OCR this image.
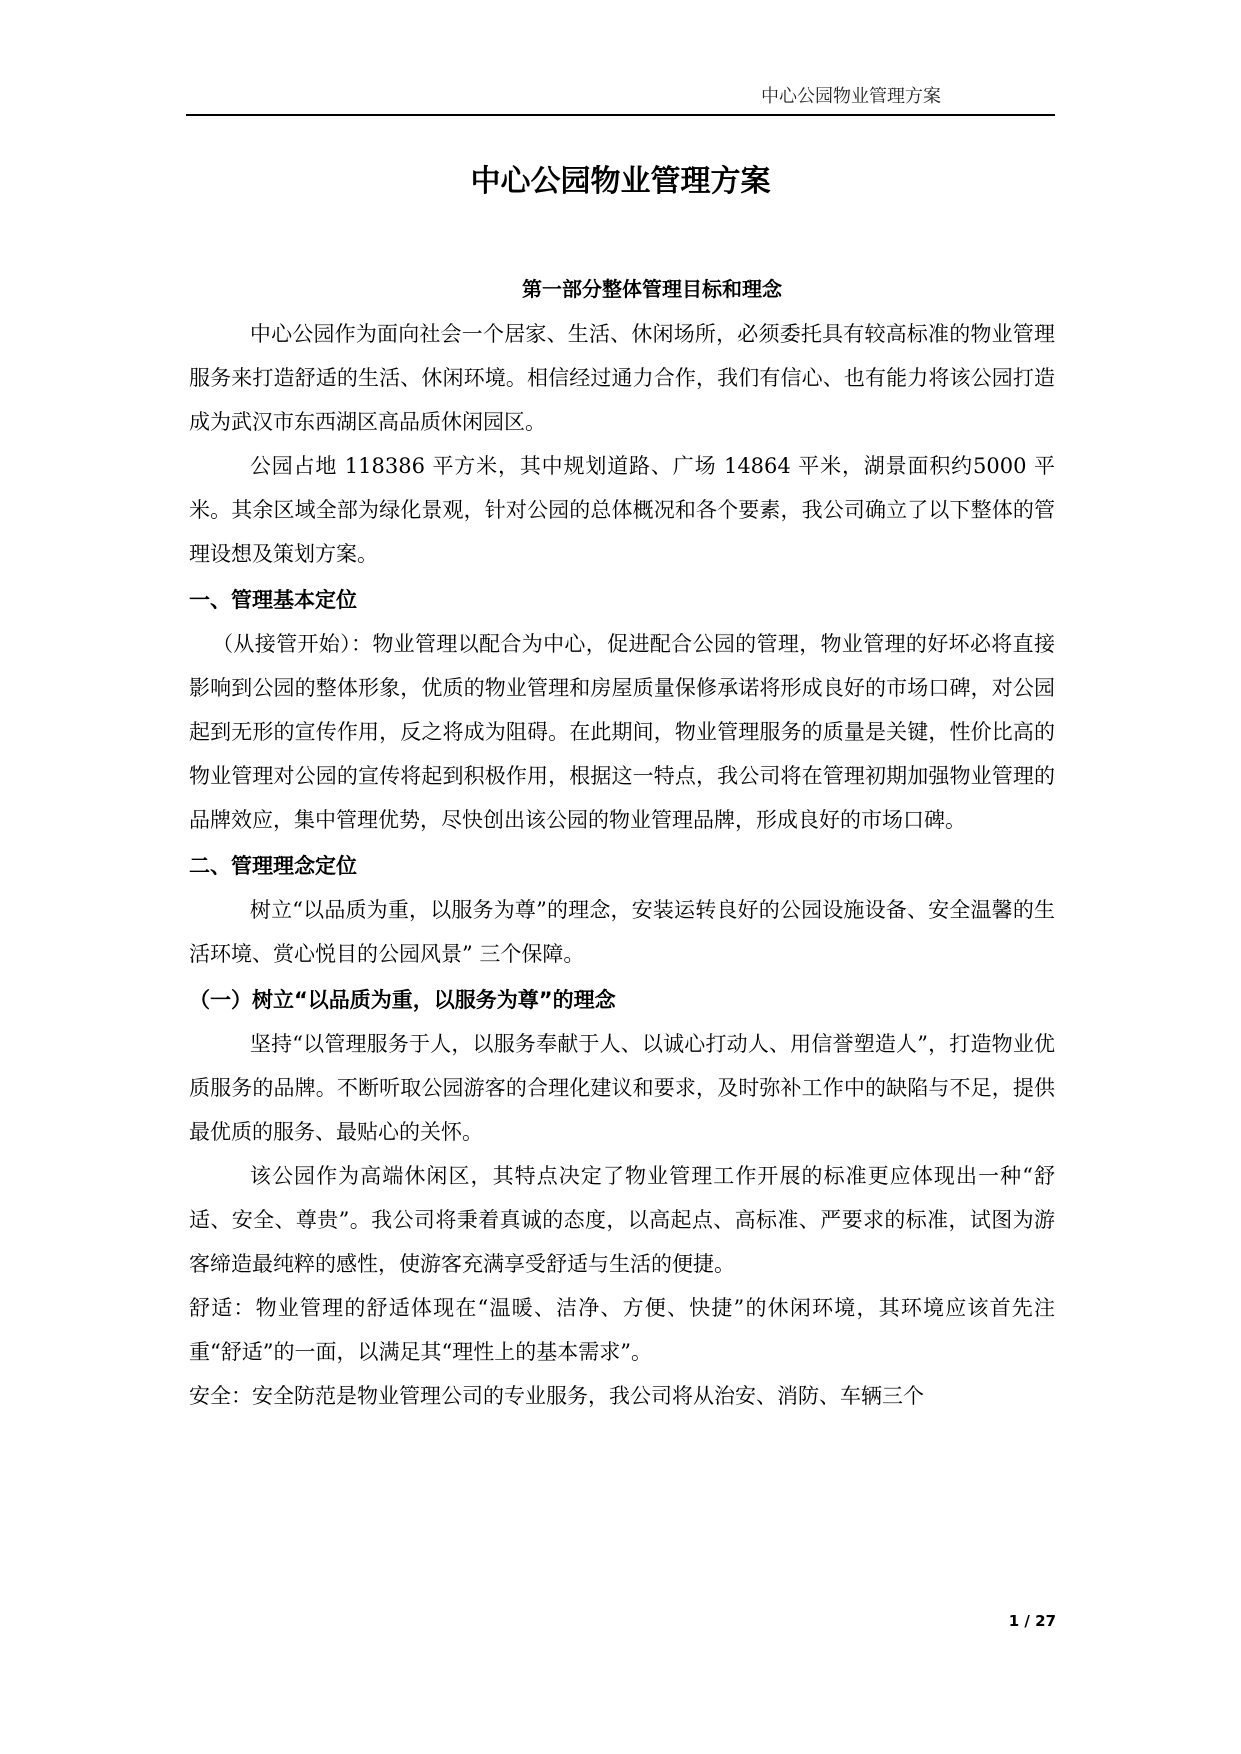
中心公园物业管理方案
中心公园物业管理方案
第一部分整体管理目标和理念

中心公园作为面向社会一个居家、生活、休闲场所，必须委托具有较高标准的物业管理服务来打造舒适的生活、休闲环境。相信经过通力合作，我们有信心、也有能力将该公园打造成为武汉市东西湖区高品质休闲园区。

公园占地 118386 平方米，其中规划道路、广场 14864 平米，湖景面积约5000 平米。其余区域全部为绿化景观，针对公园的总体概况和各个要素，我公司确立了以下整体的管理设想及策划方案。

一、管理基本定位

（从接管开始）：物业管理以配合为中心，促进配合公园的管理，物业管理的好坏必将直接影响到公园的整体形象，优质的物业管理和房屋质量保修承诺将形成良好的市场口碑，对公园起到无形的宣传作用，反之将成为阻碍。在此期间，物业管理服务的质量是关键，性价比高的物业管理对公园的宣传将起到积极作用，根据这一特点，我公司将在管理初期加强物业管理的品牌效应，集中管理优势，尽快创出该公园的物业管理品牌，形成良好的市场口碑。

二、管理理念定位

树立“以品质为重，以服务为尊”的理念，安装运转良好的公园设施设备、安全温馨的生活环境、赏心悦目的公园风景” 三个保障。

（一）树立“以品质为重，以服务为尊”的理念

坚持“以管理服务于人，以服务奉献于人、以诚心打动人、用信誉塑造人”，打造物业优质服务的品牌。不断听取公园游客的合理化建议和要求，及时弥补工作中的缺陷与不足，提供最优质的服务、最贴心的关怀。

该公园作为高端休闲区，其特点决定了物业管理工作开展的标准更应体现出一种“舒适、安全、尊贵”。我公司将秉着真诚的态度，以高起点、高标准、严要求的标准，试图为游客缔造最纯粹的感性，使游客充满享受舒适与生活的便捷。

舒适：物业管理的舒适体现在“温暖、洁净、方便、快捷”的休闲环境，其环境应该首先注重“舒适”的一面，以满足其“理性上的基本需求”。

安全：安全防范是物业管理公司的专业服务，我公司将从治安、消防、车辆三个

1 / 27
